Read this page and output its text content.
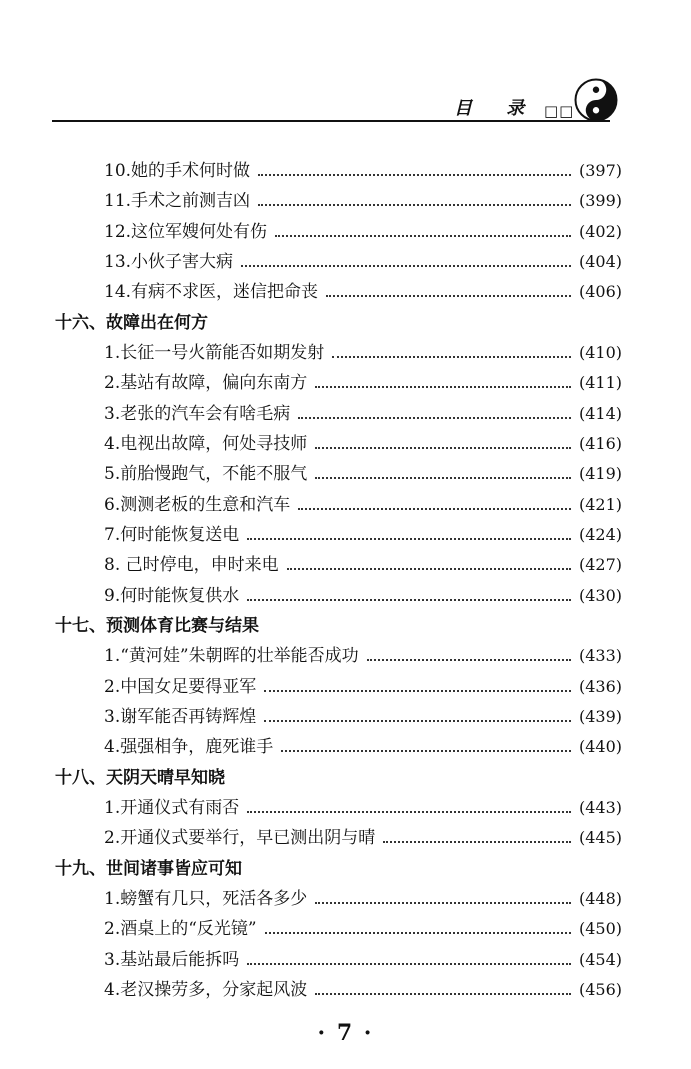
目 录 □□
10.她的手术何时做	(397)
11.手术之前测吉凶	(399)
12.这位军嫂何处有伤	(402)
13.小伙子害大病	(404)
14.有病不求医，迷信把命丧	(406)
十六、故障出在何方
1.长征一号火箭能否如期发射	(410)
2.基站有故障，偏向东南方	(411)
3.老张的汽车会有啥毛病	(414)
4.电视出故障，何处寻技师	(416)
5.前胎慢跑气，不能不服气	(419)
6.测测老板的生意和汽车	(421)
7.何时能恢复送电	(424)
8. 己时停电，申时来电	(427)
9.何时能恢复供水	(430)
十七、预测体育比赛与结果
1.“黄河娃”朱朝晖的壮举能否成功	(433)
2.中国女足要得亚军	(436)
3.谢军能否再铸辉煌	(439)
4.强强相争，鹿死谁手	(440)
十八、天阴天晴早知晓
1.开通仪式有雨否	(443)
2.开通仪式要举行，早已测出阴与晴	(445)
十九、世间诸事皆应可知
1.螃蟹有几只，死活各多少	(448)
2.酒桌上的“反光镜”	(450)
3.基站最后能拆吗	(454)
4.老汉操劳多，分家起风波	(456)
· 7 ·
